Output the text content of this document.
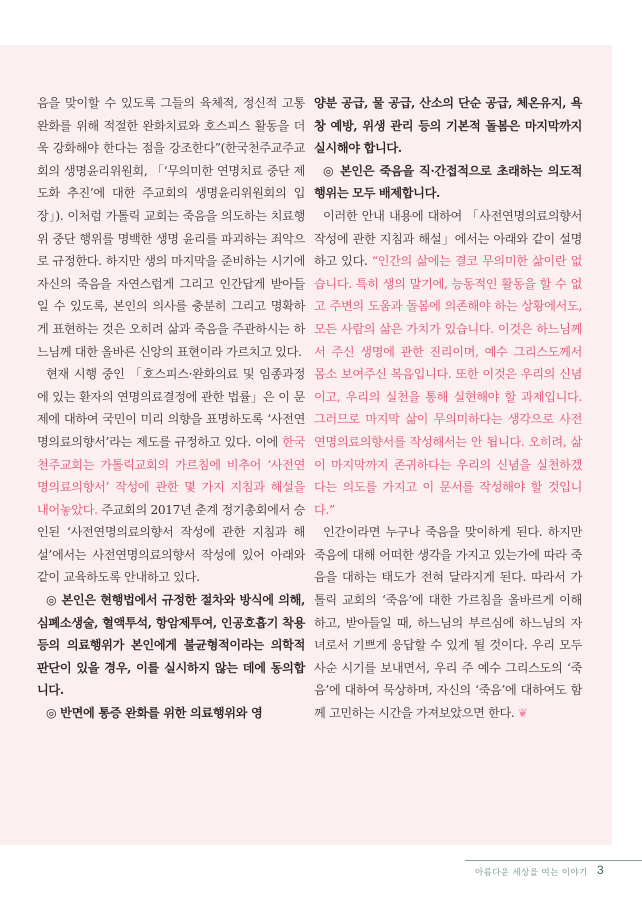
음을 맞이할 수 있도록 그들의 육체적, 정신적 고통 완화를 위해 적절한 완화치료와 호스피스 활동을 더욱 강화해야 한다는 점을 강조한다”(한국천주교주교회의 생명윤리위원회, 「‘무의미한 연명치료 중단 제도화 추진’에 대한 주교회의 생명윤리위원회의 입장」). 이처럼 가톨릭 교회는 죽음을 의도하는 치료행위 중단 행위를 명백한 생명 윤리를 파괴하는 죄악으로 규정한다. 하지만 생의 마지막을 준비하는 시기에 자신의 죽음을 자연스럽게 그리고 인간답게 받아들일 수 있도록, 본인의 의사를 충분히 그리고 명확하게 표현하는 것은 오히려 삶과 죽음을 주관하시는 하느님께 대한 올바른 신앙의 표현이라 가르치고 있다.

현재 시행 중인 「호스피스·완화의료 및 임종과정에 있는 환자의 연명의료결정에 관한 법률」은 이 문제에 대하여 국민이 미리 의향을 표명하도록 ‘사전연명의료의향서’라는 제도를 규정하고 있다. 이에 한국 천주교회는 가톨릭교회의 가르침에 비추어 ‘사전연명의료의향서’ 작성에 관한 몇 가지 지침과 해설을 내어놓았다. 주교회의 2017년 춘계 정기총회에서 승인된 ‘사전연명의료의향서 작성에 관한 지침과 해설’에서는 사전연명의료의향서 작성에 있어 아래와 같이 교육하도록 안내하고 있다.

◎ 본인은 현행법에서 규정한 절차와 방식에 의해, 심폐소생술, 혈액투석, 항암제투여, 인공호흡기 착용 등의 의료행위가 본인에게 불균형적이라는 의학적 판단이 있을 경우, 이를 실시하지 않는 데에 동의합니다.

◎ 반면에 통증 완화를 위한 의료행위와 영

양분 공급, 물 공급, 산소의 단순 공급, 체온유지, 욕창 예방, 위생 관리 등의 기본적 돌봄은 마지막까지 실시해야 합니다.

◎ 본인은 죽음을 직·간접적으로 초래하는 의도적 행위는 모두 배제합니다.

이러한 안내 내용에 대하여 「사전연명의료의향서 작성에 관한 지침과 해설」에서는 아래와 같이 설명하고 있다. “인간의 삶에는 결코 무의미한 삶이란 없습니다. 특히 생의 말기에, 능동적인 활동을 할 수 없고 주변의 도움과 돌봄에 의존해야 하는 상황에서도, 모든 사람의 삶은 가치가 있습니다. 이것은 하느님께서 주신 생명에 관한 진리이며, 예수 그리스도께서 몸소 보여주신 복음입니다. 또한 이것은 우리의 신념이고, 우리의 실천을 통해 실현해야 할 과제입니다. 그러므로 마지막 삶이 무의미하다는 생각으로 사전연명의료의향서를 작성해서는 안 됩니다. 오히려, 삶이 마지막까지 존귀하다는 우리의 신념을 실천하겠다는 의도를 가지고 이 문서를 작성해야 할 것입니다.”

인간이라면 누구나 죽음을 맞이하게 된다. 하지만 죽음에 대해 어떠한 생각을 가지고 있는가에 따라 죽음을 대하는 태도가 전혀 달라지게 된다. 따라서 가톨릭 교회의 ‘죽음’에 대한 가르침을 올바르게 이해하고, 받아들일 때, 하느님의 부르심에 하느님의 자녀로서 기쁘게 응답할 수 있게 될 것이다. 우리 모두 사순 시기를 보내면서, 우리 주 예수 그리스도의 ‘죽음’에 대하여 묵상하며, 자신의 ‘죽음’에 대하여도 함께 고민하는 시간을 가져보았으면 한다. ❦

아름다운 세상을 여는 이야기 3
